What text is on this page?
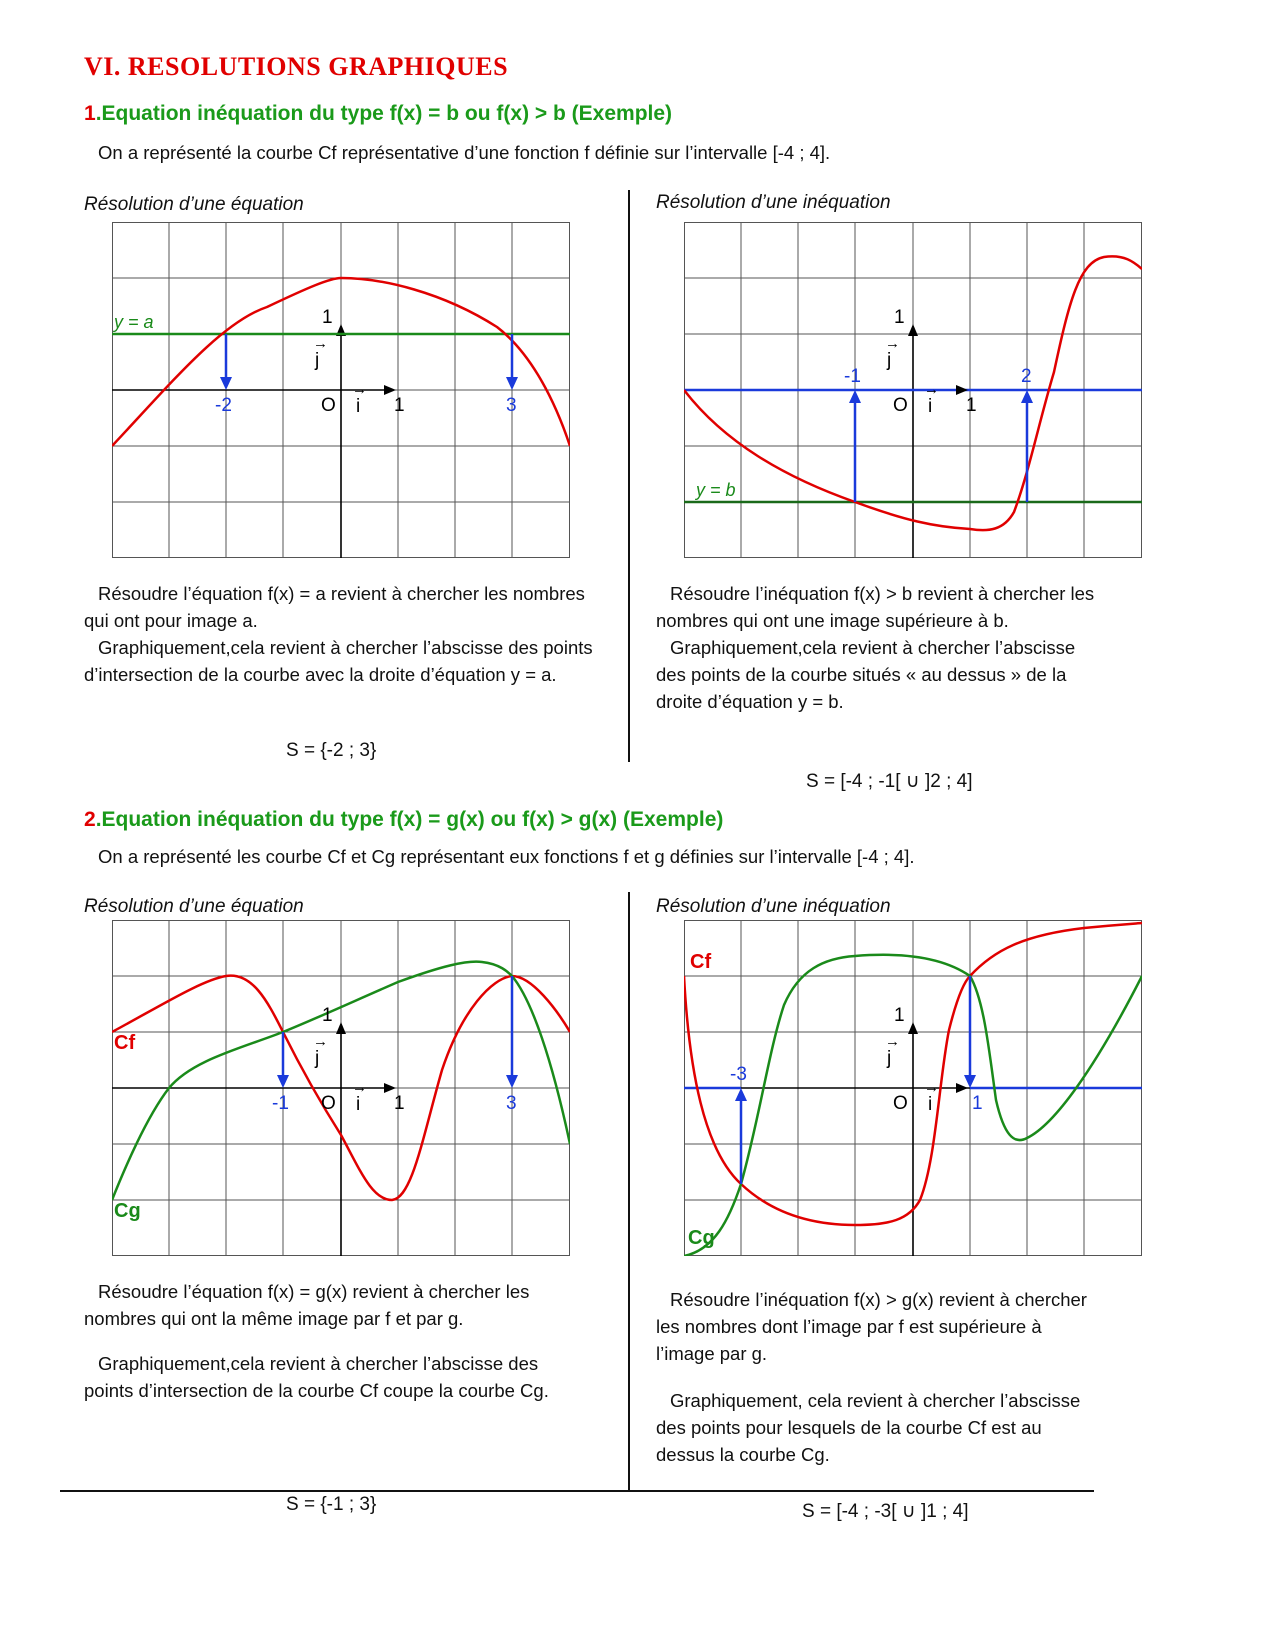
VI. RESOLUTIONS GRAPHIQUES
1.Equation inéquation du type f(x) = b ou f(x) > b (Exemple)
On a représenté la courbe Cf représentative d’une fonction f définie sur l’intervalle [-4 ; 4].
Résolution d’une équation	Résolution d’une inéquation
y = a
-2	3
1
1
O
→
j
→
i
y = b
-1	2
1
1
O
→
j
→
i

Résoudre l’équation f(x) = a revient à chercher les nombres qui ont pour image a.

Graphiquement,cela revient à chercher l’abscisse des points d’intersection de la courbe avec la droite d’équation y = a.

S = {-2 ; 3}

Résoudre l’inéquation f(x) > b revient à chercher les nombres qui ont une image supérieure à b.

Graphiquement,cela revient à chercher l’abscisse des points de la courbe situés « au dessus » de la droite d’équation y = b.

S = [-4 ; -1[ ∪ ]2 ; 4]
2.Equation inéquation du type f(x) = g(x) ou f(x) > g(x) (Exemple)
On a représenté les courbe Cf et Cg représentant eux fonctions f et g définies sur l’intervalle [-4 ; 4].
Résolution d’une équation	Résolution d’une inéquation
Cf
Cg
-1	3
1
1
O
→
j
→
i
Cf
Cg
-3
1
1
O
→
j
→
i

Résoudre l’équation f(x) = g(x) revient à chercher les nombres qui ont la même image par f et par g.

Graphiquement,cela revient à chercher l’abscisse des points d’intersection de la courbe Cf coupe la courbe Cg.

Résoudre l’inéquation f(x) > g(x) revient à chercher les nombres dont l’image par f est supérieure à l’image par g.

Graphiquement, cela revient à chercher l’abscisse des points pour lesquels de la courbe Cf est au dessus la courbe Cg.

S = {-1 ; 3}	S = [-4 ; -3[ ∪ ]1 ; 4]
